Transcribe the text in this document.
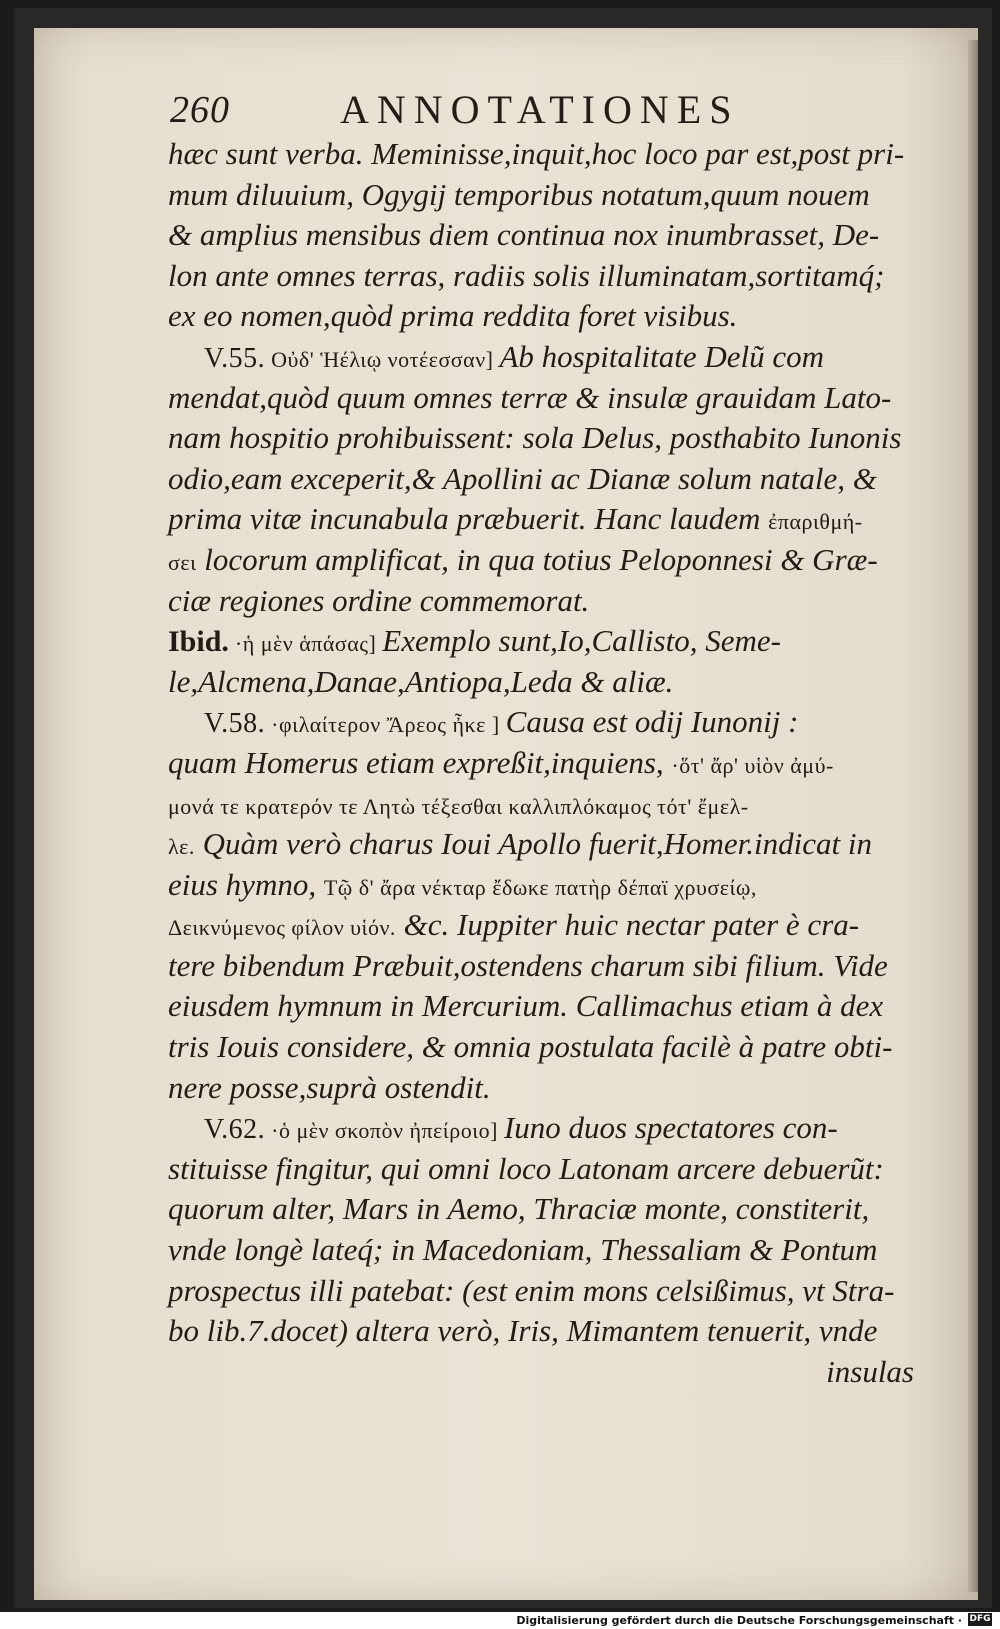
260	ANNOTATIONES
hæc sunt verba. Meminisse,inquit,hoc loco par est,post pri-
mum diluuium, Ogygij temporibus notatum,quum nouem
& amplius mensibus diem continua nox inumbrasset, De-
lon ante omnes terras, radiis solis illuminatam,sortitamq́;
ex eo nomen,quòd prima reddita foret visibus.
V.55. Οὐδ' Ἡέλιῳ νοτέεσσαν] Ab hospitalitate Delũ com
mendat,quòd quum omnes terræ & insulæ grauidam Lato-
nam hospitio prohibuissent: sola Delus, posthabito Iunonis
odio,eam exceperit,& Apollini ac Dianæ solum natale, &
prima vitæ incunabula præbuerit. Hanc laudem ἐπαριθμή-
σει locorum amplificat, in qua totius Peloponnesi & Græ-
ciæ regiones ordine commemorat.
Ibid. ·ἡ μὲν ἁπάσας] Exemplo sunt,Io,Callisto, Seme-
le,Alcmena,Danae,Antiopa,Leda & aliæ.
V.58. ·φιλαίτερον Ἄρεος ἦκε ] Causa est odij Iunonij :
quam Homerus etiam expreßit,inquiens, ·ὅτ' ἄρ' υἱὸν ἀμύ-
μονά τε κρατερόν τε Λητὼ τέξεσθαι καλλιπλόκαμος τότ' ἔμελ-
λε. Quàm verò charus Ioui Apollo fuerit,Homer.indicat in
eius hymno, Τῷ δ' ἄρα νέκταρ ἔδωκε πατὴρ δέπαϊ χρυσείῳ,
Δεικνύμενος φίλον υἱόν. &c. Iuppiter huic nectar pater è cra-
tere bibendum Præbuit,ostendens charum sibi filium. Vide
eiusdem hymnum in Mercurium. Callimachus etiam à dex
tris Iouis considere, & omnia postulata facilè à patre obti-
nere posse,suprà ostendit.
V.62. ·ὁ μὲν σκοπὸν ἠπείροιο] Iuno duos spectatores con-
stituisse fingitur, qui omni loco Latonam arcere debuerũt:
quorum alter, Mars in Aemo, Thraciæ monte, constiterit,
vnde longè lateq́; in Macedoniam, Thessaliam & Pontum
prospectus illi patebat: (est enim mons celsißimus, vt Stra-
bo lib.7.docet) altera verò, Iris, Mimantem tenuerit, vnde
insulas
Digitalisierung gefördert durch die Deutsche Forschungsgemeinschaft · DFG
